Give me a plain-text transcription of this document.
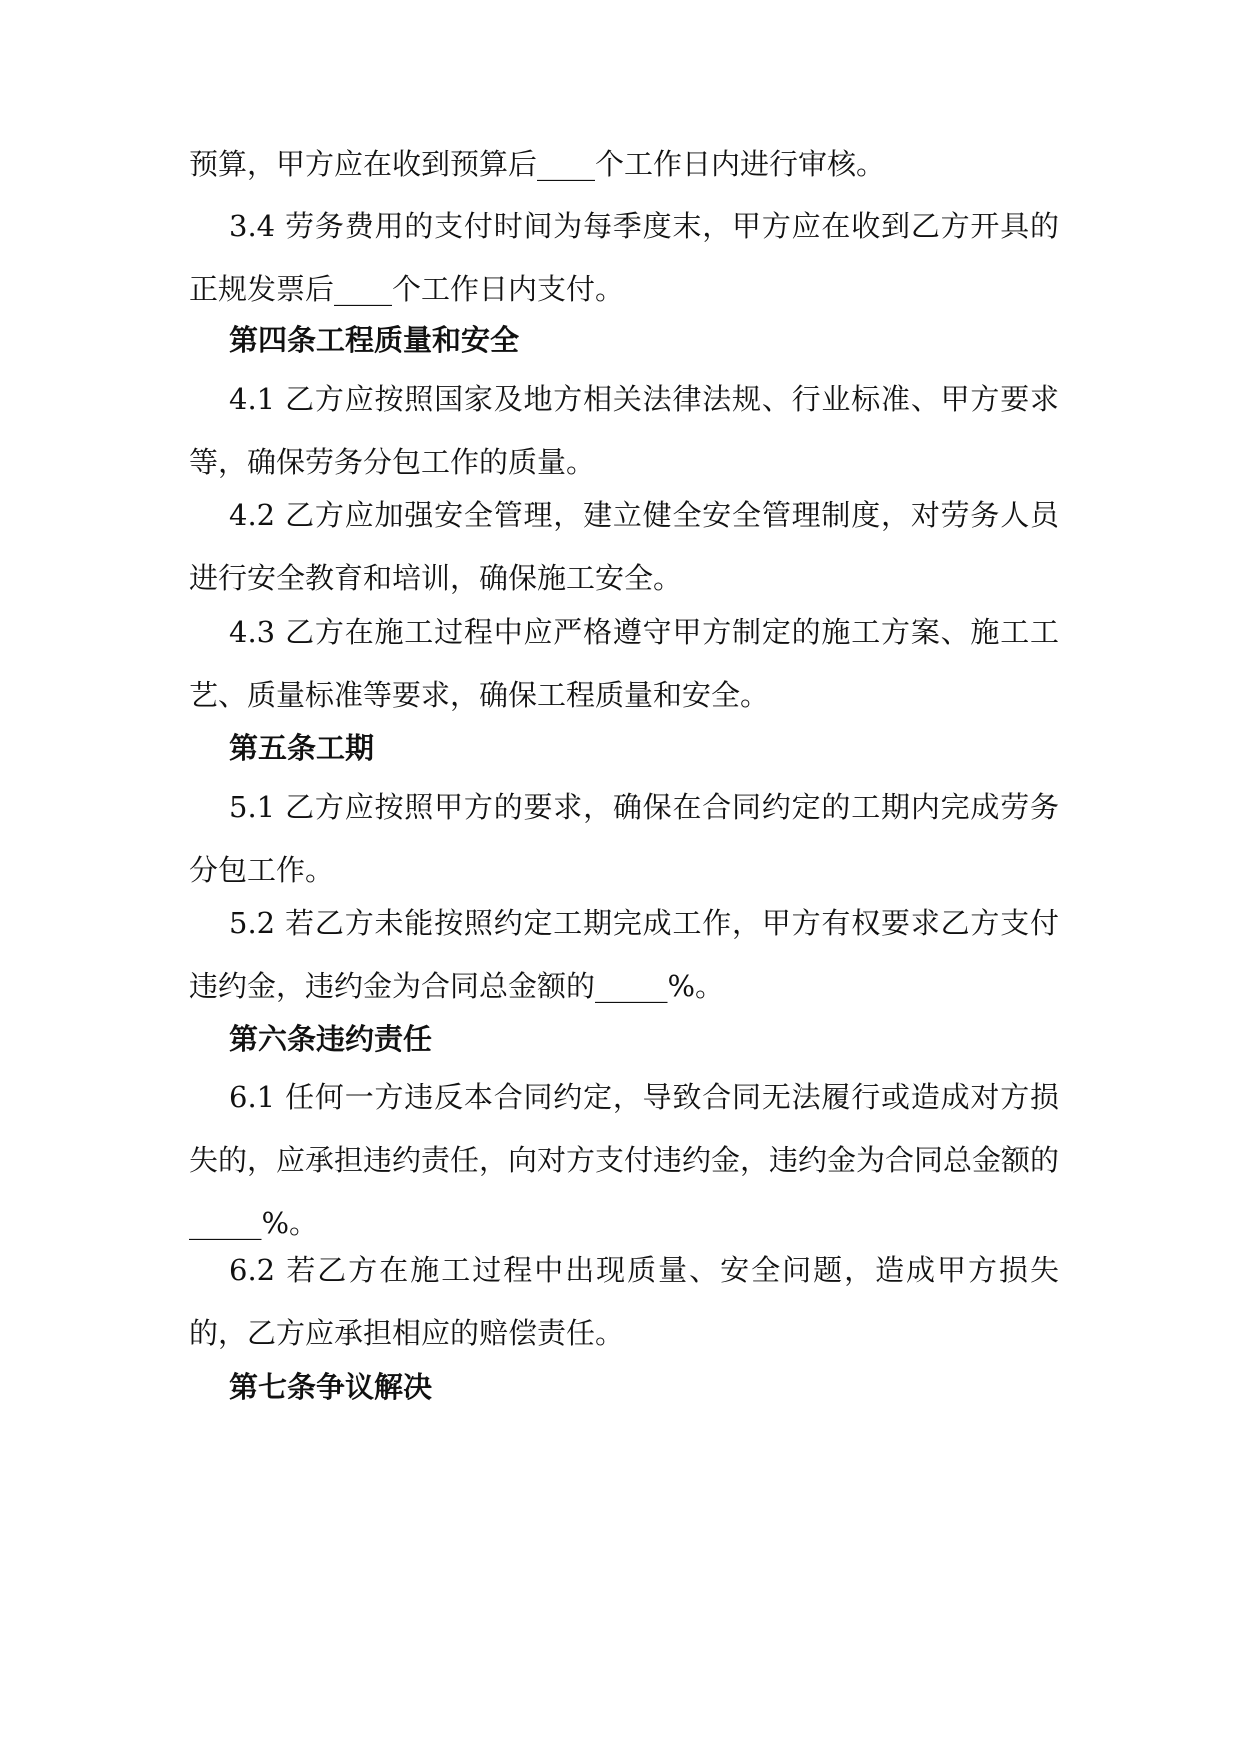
预算，甲方应在收到预算后____个工作日内进行审核。

3.4 劳务费用的支付时间为每季度末，甲方应在收到乙方开具的正规发票后____个工作日内支付。

第四条工程质量和安全

4.1 乙方应按照国家及地方相关法律法规、行业标准、甲方要求等，确保劳务分包工作的质量。

4.2 乙方应加强安全管理，建立健全安全管理制度，对劳务人员进行安全教育和培训，确保施工安全。

4.3 乙方在施工过程中应严格遵守甲方制定的施工方案、施工工艺、质量标准等要求，确保工程质量和安全。

第五条工期

5.1 乙方应按照甲方的要求，确保在合同约定的工期内完成劳务分包工作。

5.2 若乙方未能按照约定工期完成工作，甲方有权要求乙方支付违约金，违约金为合同总金额的_____%。

第六条违约责任

6.1 任何一方违反本合同约定，导致合同无法履行或造成对方损失的，应承担违约责任，向对方支付违约金，违约金为合同总金额的_____%。

6.2 若乙方在施工过程中出现质量、安全问题，造成甲方损失的，乙方应承担相应的赔偿责任。

第七条争议解决
